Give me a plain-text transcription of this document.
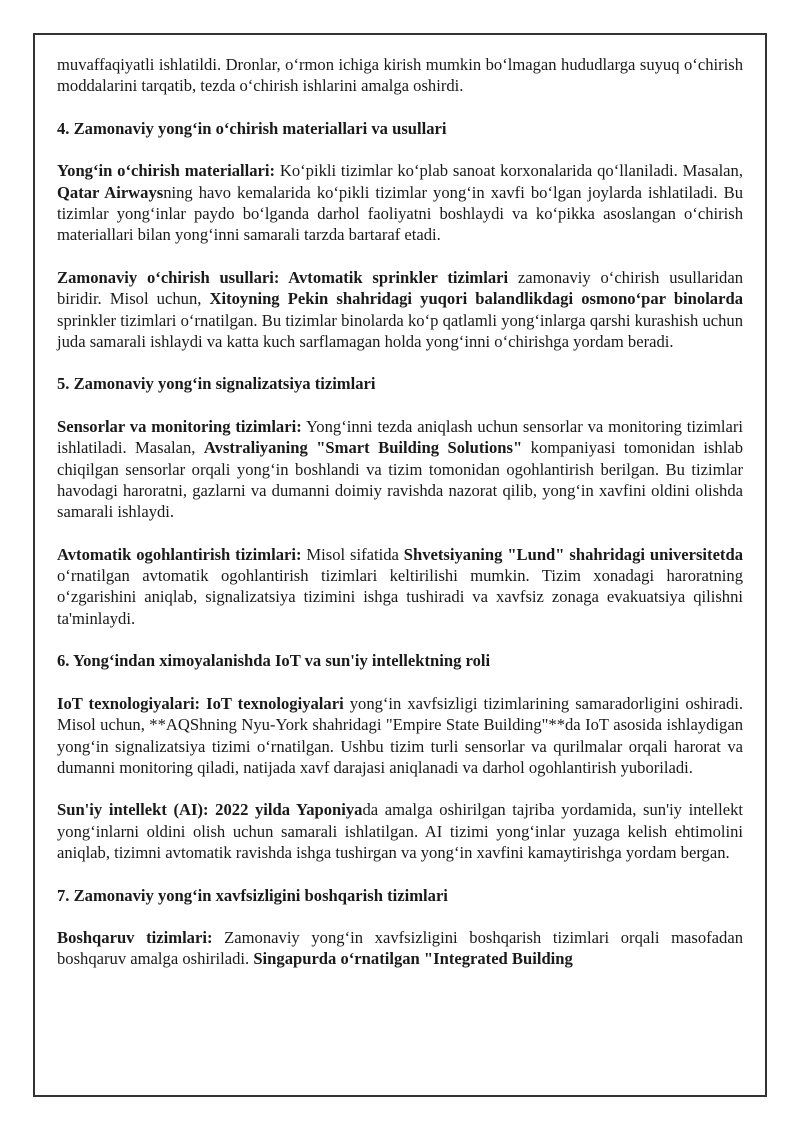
muvaffaqiyatli ishlatildi. Dronlar, o‘rmon ichiga kirish mumkin bo‘lmagan hududlarga suyuq o‘chirish moddalarini tarqatib, tezda o‘chirish ishlarini amalga oshirdi.

4. Zamonaviy yong‘in o‘chirish materiallari va usullari

Yong‘in o‘chirish materiallari: Ko‘pikli tizimlar ko‘plab sanoat korxonalarida qo‘llaniladi. Masalan, Qatar Airwaysning havo kemalarida ko‘pikli tizimlar yong‘in xavfi bo‘lgan joylarda ishlatiladi. Bu tizimlar yong‘inlar paydo bo‘lganda darhol faoliyatni boshlaydi va ko‘pikka asoslangan o‘chirish materiallari bilan yong‘inni samarali tarzda bartaraf etadi.

Zamonaviy o‘chirish usullari: Avtomatik sprinkler tizimlari zamonaviy o‘chirish usullaridan biridir. Misol uchun, Xitoyning Pekin shahridagi yuqori balandlikdagi osmono‘par binolarda sprinkler tizimlari o‘rnatilgan. Bu tizimlar binolarda ko‘p qatlamli yong‘inlarga qarshi kurashish uchun juda samarali ishlaydi va katta kuch sarflamagan holda yong‘inni o‘chirishga yordam beradi.

5. Zamonaviy yong‘in signalizatsiya tizimlari

Sensorlar va monitoring tizimlari: Yong‘inni tezda aniqlash uchun sensorlar va monitoring tizimlari ishlatiladi. Masalan, Avstraliyaning "Smart Building Solutions" kompaniyasi tomonidan ishlab chiqilgan sensorlar orqali yong‘in boshlandi va tizim tomonidan ogohlantirish berilgan. Bu tizimlar havodagi haroratni, gazlarni va dumanni doimiy ravishda nazorat qilib, yong‘in xavfini oldini olishda samarali ishlaydi.

Avtomatik ogohlantirish tizimlari: Misol sifatida Shvetsiyaning "Lund" shahridagi universitetda o‘rnatilgan avtomatik ogohlantirish tizimlari keltirilishi mumkin. Tizim xonadagi haroratning o‘zgarishini aniqlab, signalizatsiya tizimini ishga tushiradi va xavfsiz zonaga evakuatsiya qilishni ta'minlaydi.

6. Yong‘indan ximoyalanishda IoT va sun'iy intellektning roli

IoT texnologiyalari: IoT texnologiyalari yong‘in xavfsizligi tizimlarining samaradorligini oshiradi. Misol uchun, **AQShning Nyu-York shahridagi "Empire State Building"**da IoT asosida ishlaydigan yong‘in signalizatsiya tizimi o‘rnatilgan. Ushbu tizim turli sensorlar va qurilmalar orqali harorat va dumanni monitoring qiladi, natijada xavf darajasi aniqlanadi va darhol ogohlantirish yuboriladi.

Sun'iy intellekt (AI): 2022 yilda Yaponiyada amalga oshirilgan tajriba yordamida, sun'iy intellekt yong‘inlarni oldini olish uchun samarali ishlatilgan. AI tizimi yong‘inlar yuzaga kelish ehtimolini aniqlab, tizimni avtomatik ravishda ishga tushirgan va yong‘in xavfini kamaytirishga yordam bergan.

7. Zamonaviy yong‘in xavfsizligini boshqarish tizimlari

Boshqaruv tizimlari: Zamonaviy yong‘in xavfsizligini boshqarish tizimlari orqali masofadan boshqaruv amalga oshiriladi. Singapurda o‘rnatilgan "Integrated Building
